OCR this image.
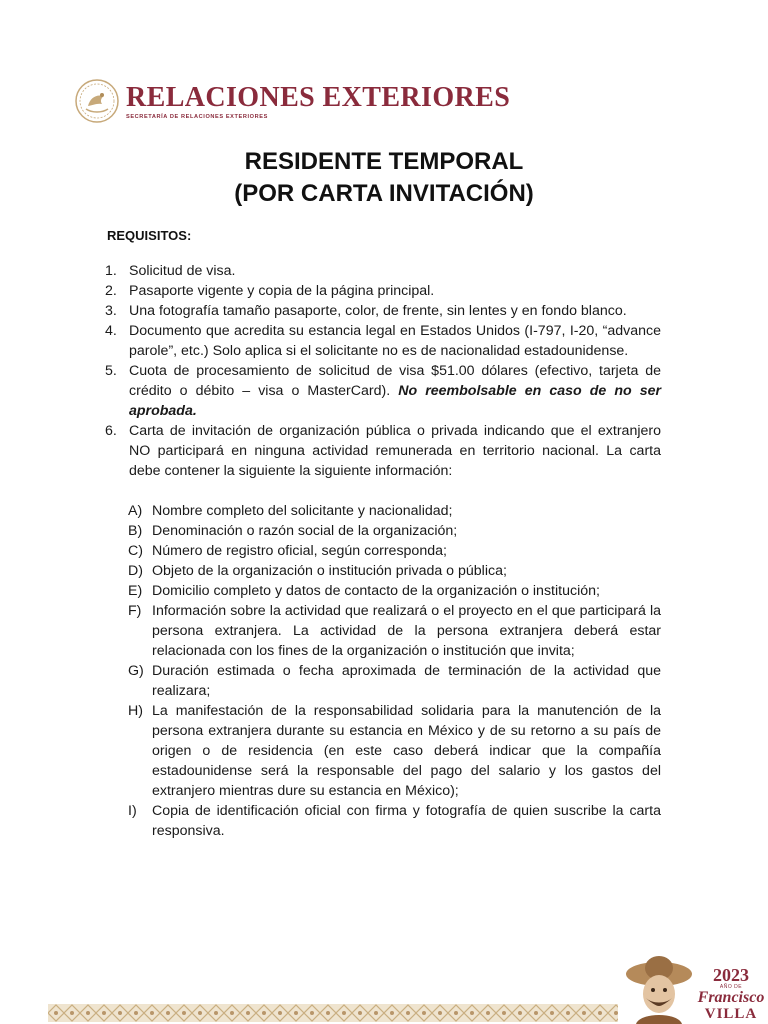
RELACIONES EXTERIORES
SECRETARÍA DE RELACIONES EXTERIORES
RESIDENTE TEMPORAL
(POR CARTA INVITACIÓN)
REQUISITOS:
1. Solicitud de visa.
2. Pasaporte vigente y copia de la página principal.
3. Una fotografía tamaño pasaporte, color, de frente, sin lentes y en fondo blanco.
4. Documento que acredita su estancia legal en Estados Unidos (I-797, I-20, “advance parole”, etc.) Solo aplica si el solicitante no es de nacionalidad estadounidense.
5. Cuota de procesamiento de solicitud de visa $51.00 dólares (efectivo, tarjeta de crédito o débito – visa o MasterCard). No reembolsable en caso de no ser aprobada.
6. Carta de invitación de organización pública o privada indicando que el extranjero NO participará en ninguna actividad remunerada en territorio nacional. La carta debe contener la siguiente la siguiente información:
A) Nombre completo del solicitante y nacionalidad;
B) Denominación o razón social de la organización;
C) Número de registro oficial, según corresponda;
D) Objeto de la organización o institución privada o pública;
E) Domicilio completo y datos de contacto de la organización o institución;
F) Información sobre la actividad que realizará o el proyecto en el que participará la persona extranjera. La actividad de la persona extranjera deberá estar relacionada con los fines de la organización o institución que invita;
G) Duración estimada o fecha aproximada de terminación de la actividad que realizara;
H) La manifestación de la responsabilidad solidaria para la manutención de la persona extranjera durante su estancia en México y de su retorno a su país de origen o de residencia (en este caso deberá indicar que la compañía estadounidense será la responsable del pago del salario y los gastos del extranjero mientras dure su estancia en México);
I)	Copia de identificación oficial con firma y fotografía de quien suscribe la carta responsiva.
2023
AÑO DE
Francisco
VILLA
